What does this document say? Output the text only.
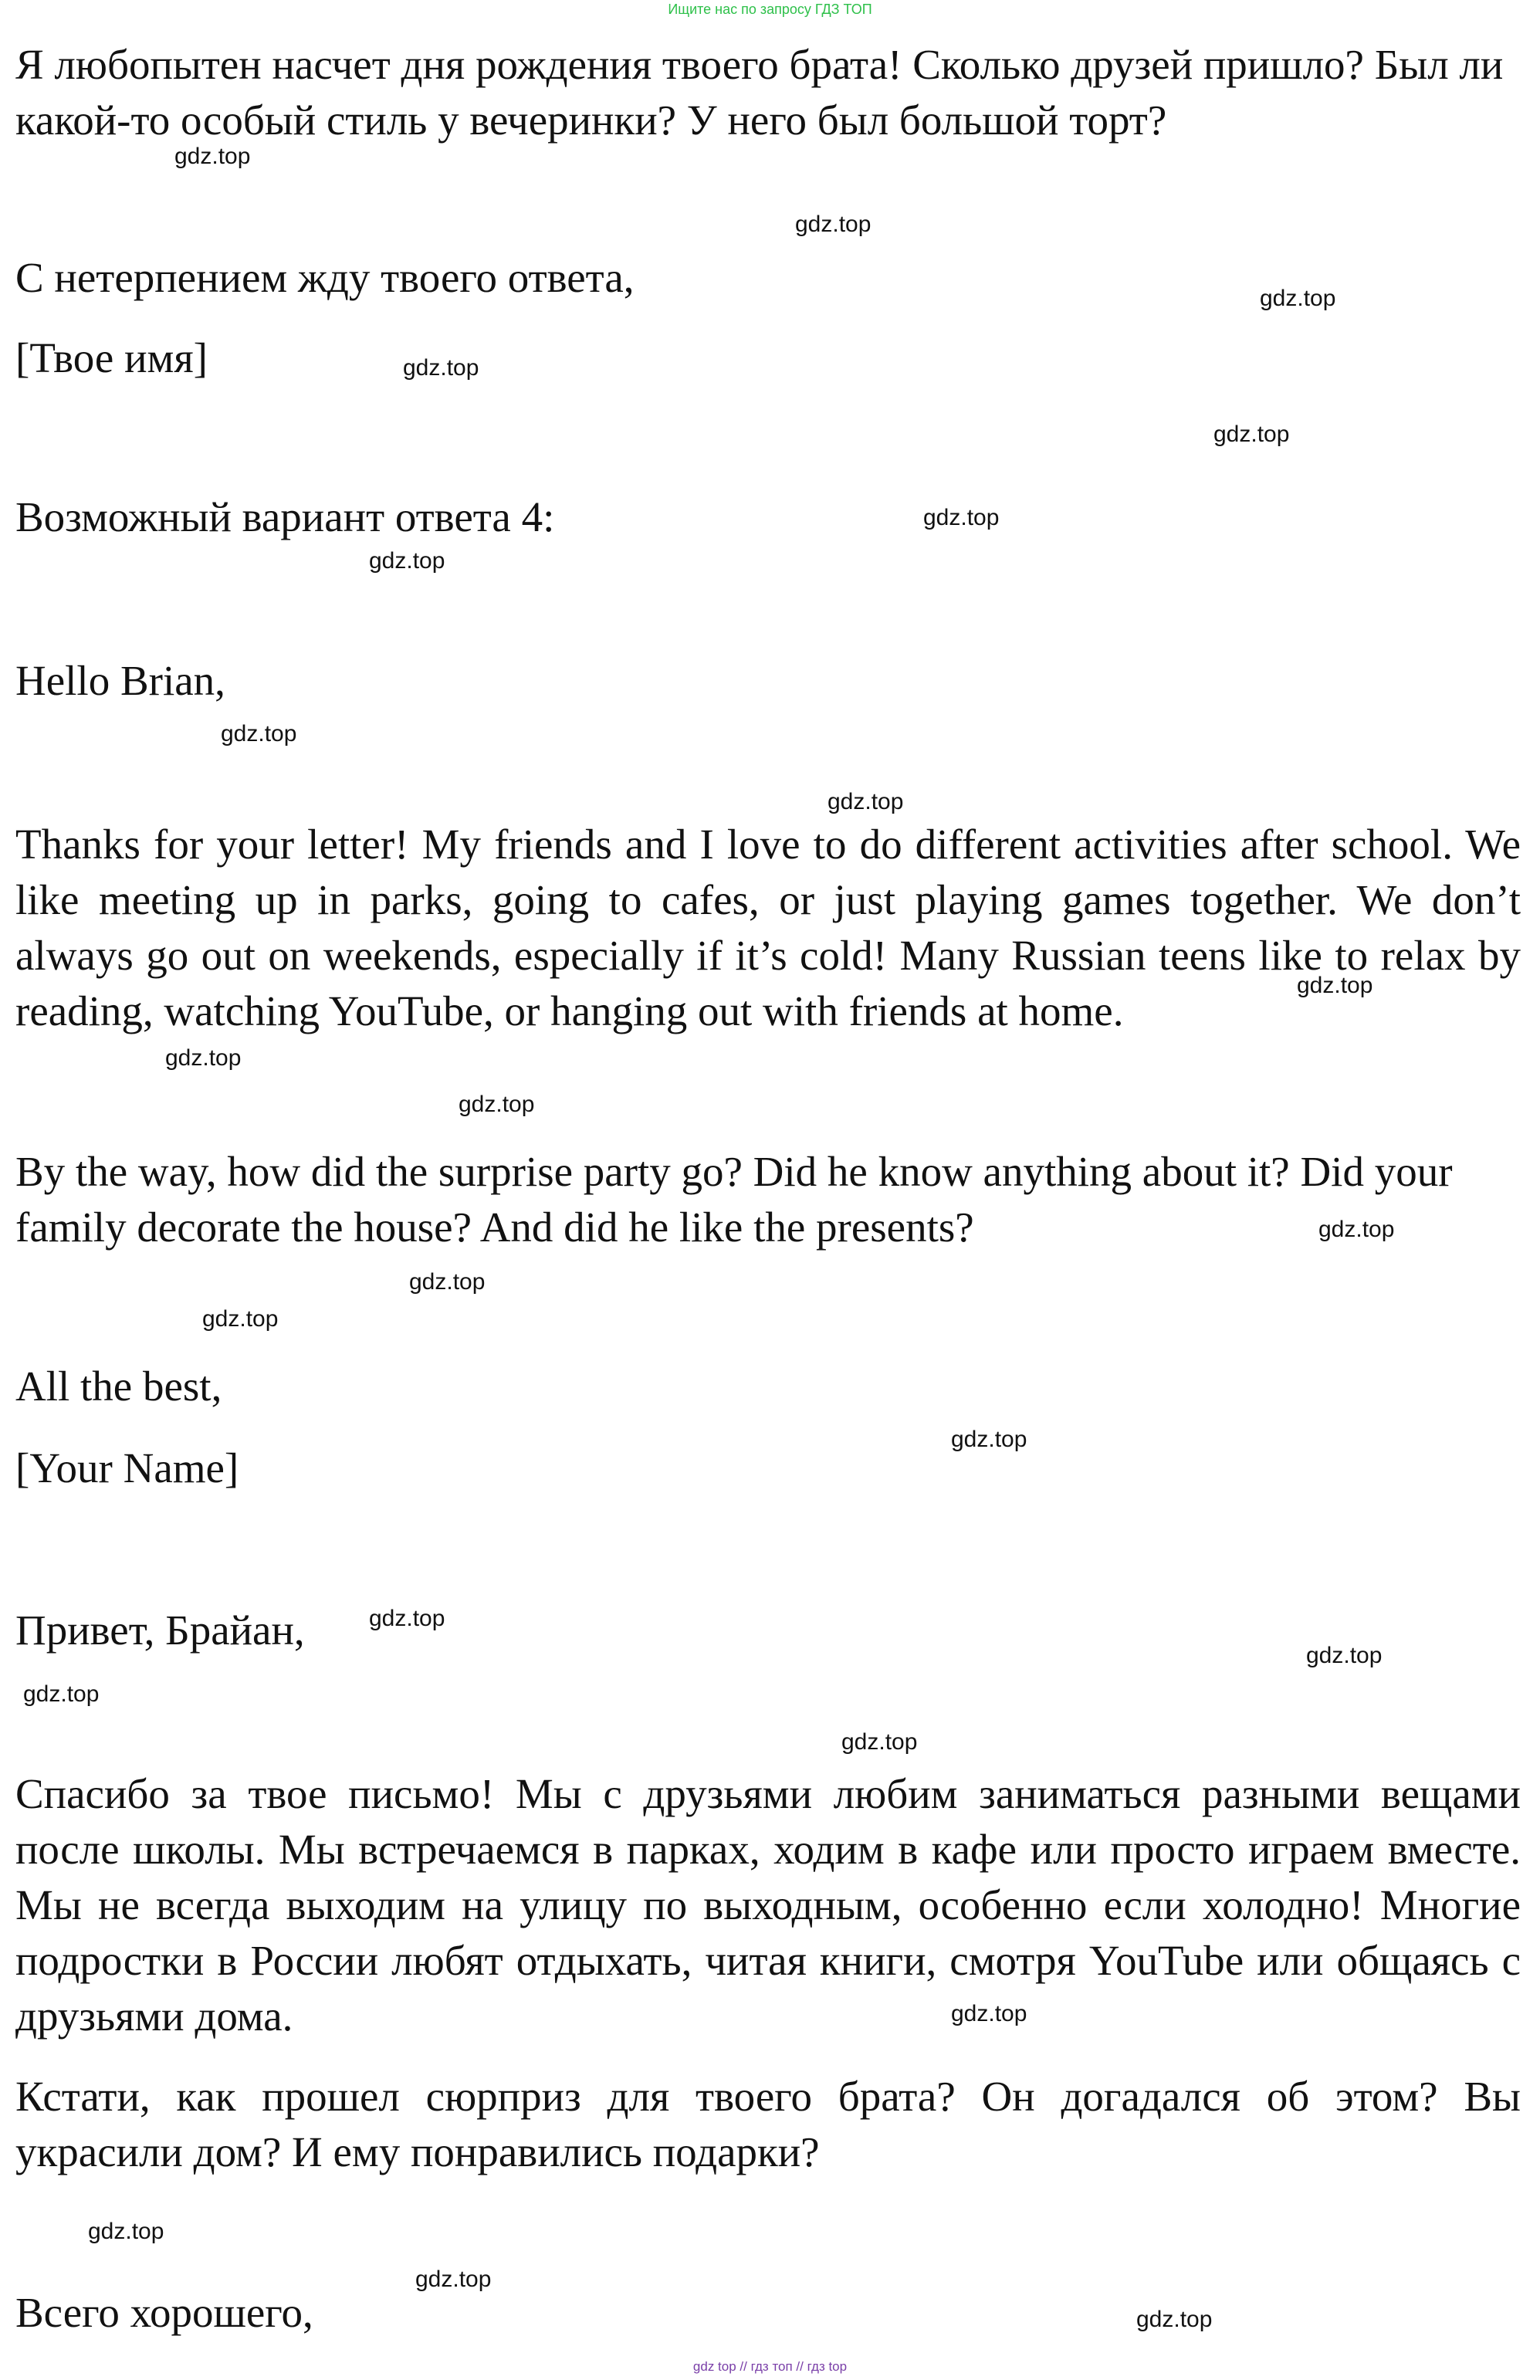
Ищите нас по запросу ГДЗ ТОП

Я любопытен насчет дня рождения твоего брата! Сколько друзей пришло? Был ли какой-то особый стиль у вечеринки? У него был большой торт?

С нетерпением жду твоего ответа,

[Твое имя]

Возможный вариант ответа 4:

Hello Brian,

Thanks for your letter! My friends and I love to do different activities after school. We like meeting up in parks, going to cafes, or just playing games together. We don’t always go out on weekends, especially if it’s cold! Many Russian teens like to relax by reading, watching YouTube, or hanging out with friends at home.

By the way, how did the surprise party go? Did he know anything about it? Did your family decorate the house? And did he like the presents?

All the best,

[Your Name]

Привет, Брайан,

Спасибо за твое письмо! Мы с друзьями любим заниматься разными вещами после школы. Мы встречаемся в парках, ходим в кафе или просто играем вместе. Мы не всегда выходим на улицу по выходным, особенно если холодно! Многие подростки в России любят отдыхать, читая книги, смотря YouTube или общаясь с друзьями дома.

Кстати, как прошел сюрприз для твоего брата? Он догадался об этом? Вы украсили дом? И ему понравились подарки?

Всего хорошего,

gdz.top
gdz.top
gdz.top
gdz.top
gdz.top
gdz.top
gdz.top
gdz.top
gdz.top
gdz.top
gdz.top
gdz.top
gdz.top
gdz.top
gdz.top
gdz.top
gdz.top
gdz.top
gdz.top
gdz.top
gdz.top
gdz.top
gdz.top
gdz.top
gdz top // гдз топ // гдз top
